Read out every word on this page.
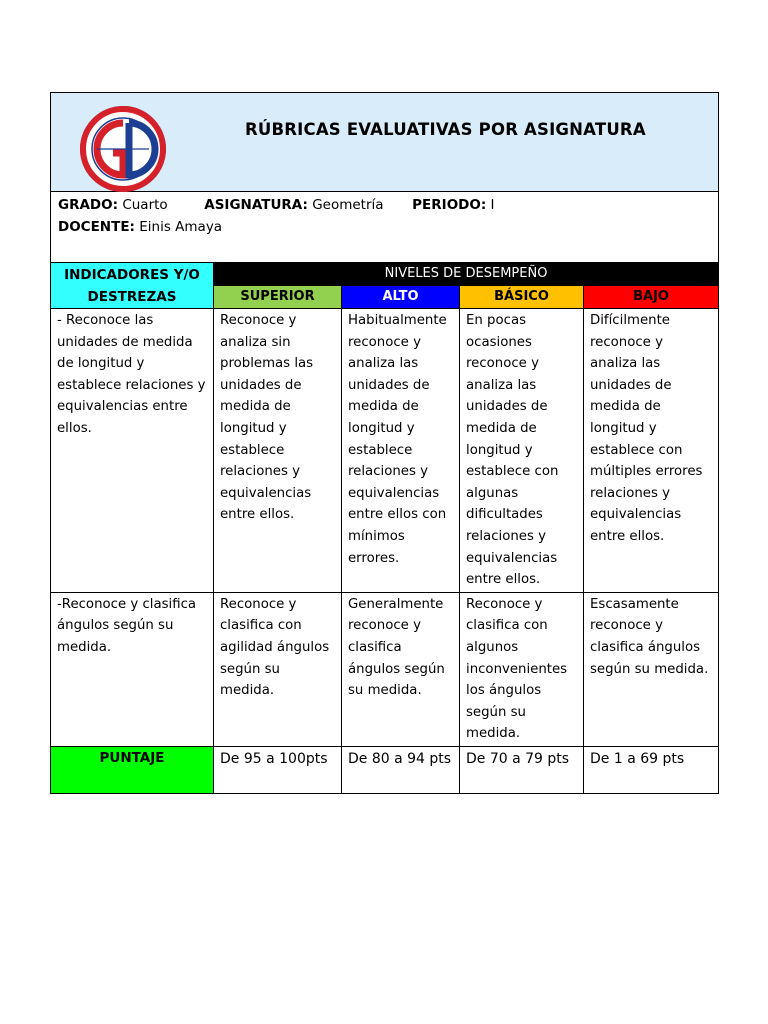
RÚBRICAS EVALUATIVAS POR ASIGNATURA				

GRADO: Cuarto ASIGNATURA: Geometría PERIODO: I
DOCENTE: Einis Amaya				

INDICADORES Y/O DESTREZAS	NIVELES DE DESEMPEÑO			
	SUPERIOR	ALTO	BÁSICO	BAJO
- Reconoce las unidades de medida de longitud y establece relaciones y equivalencias entre ellos.	Reconoce y analiza sin problemas las unidades de medida de longitud y establece relaciones y equivalencias entre ellos.	Habitualmente reconoce y analiza las unidades de medida de longitud y establece relaciones y equivalencias entre ellos con mínimos errores.	En pocas ocasiones reconoce y analiza las unidades de medida de longitud y establece con algunas dificultades relaciones y equivalencias entre ellos.	Difícilmente reconoce y analiza las unidades de medida de longitud y establece con múltiples errores relaciones y equivalencias entre ellos.
-Reconoce y clasifica ángulos según su medida.	Reconoce y clasifica con agilidad ángulos según su medida.	Generalmente reconoce y clasifica ángulos según su medida.	Reconoce y clasifica con algunos inconvenientes los ángulos según su medida.	Escasamente reconoce y clasifica ángulos según su medida.
PUNTAJE	De 95 a 100pts	De 80 a 94 pts	De 70 a 79 pts	De 1 a 69 pts
